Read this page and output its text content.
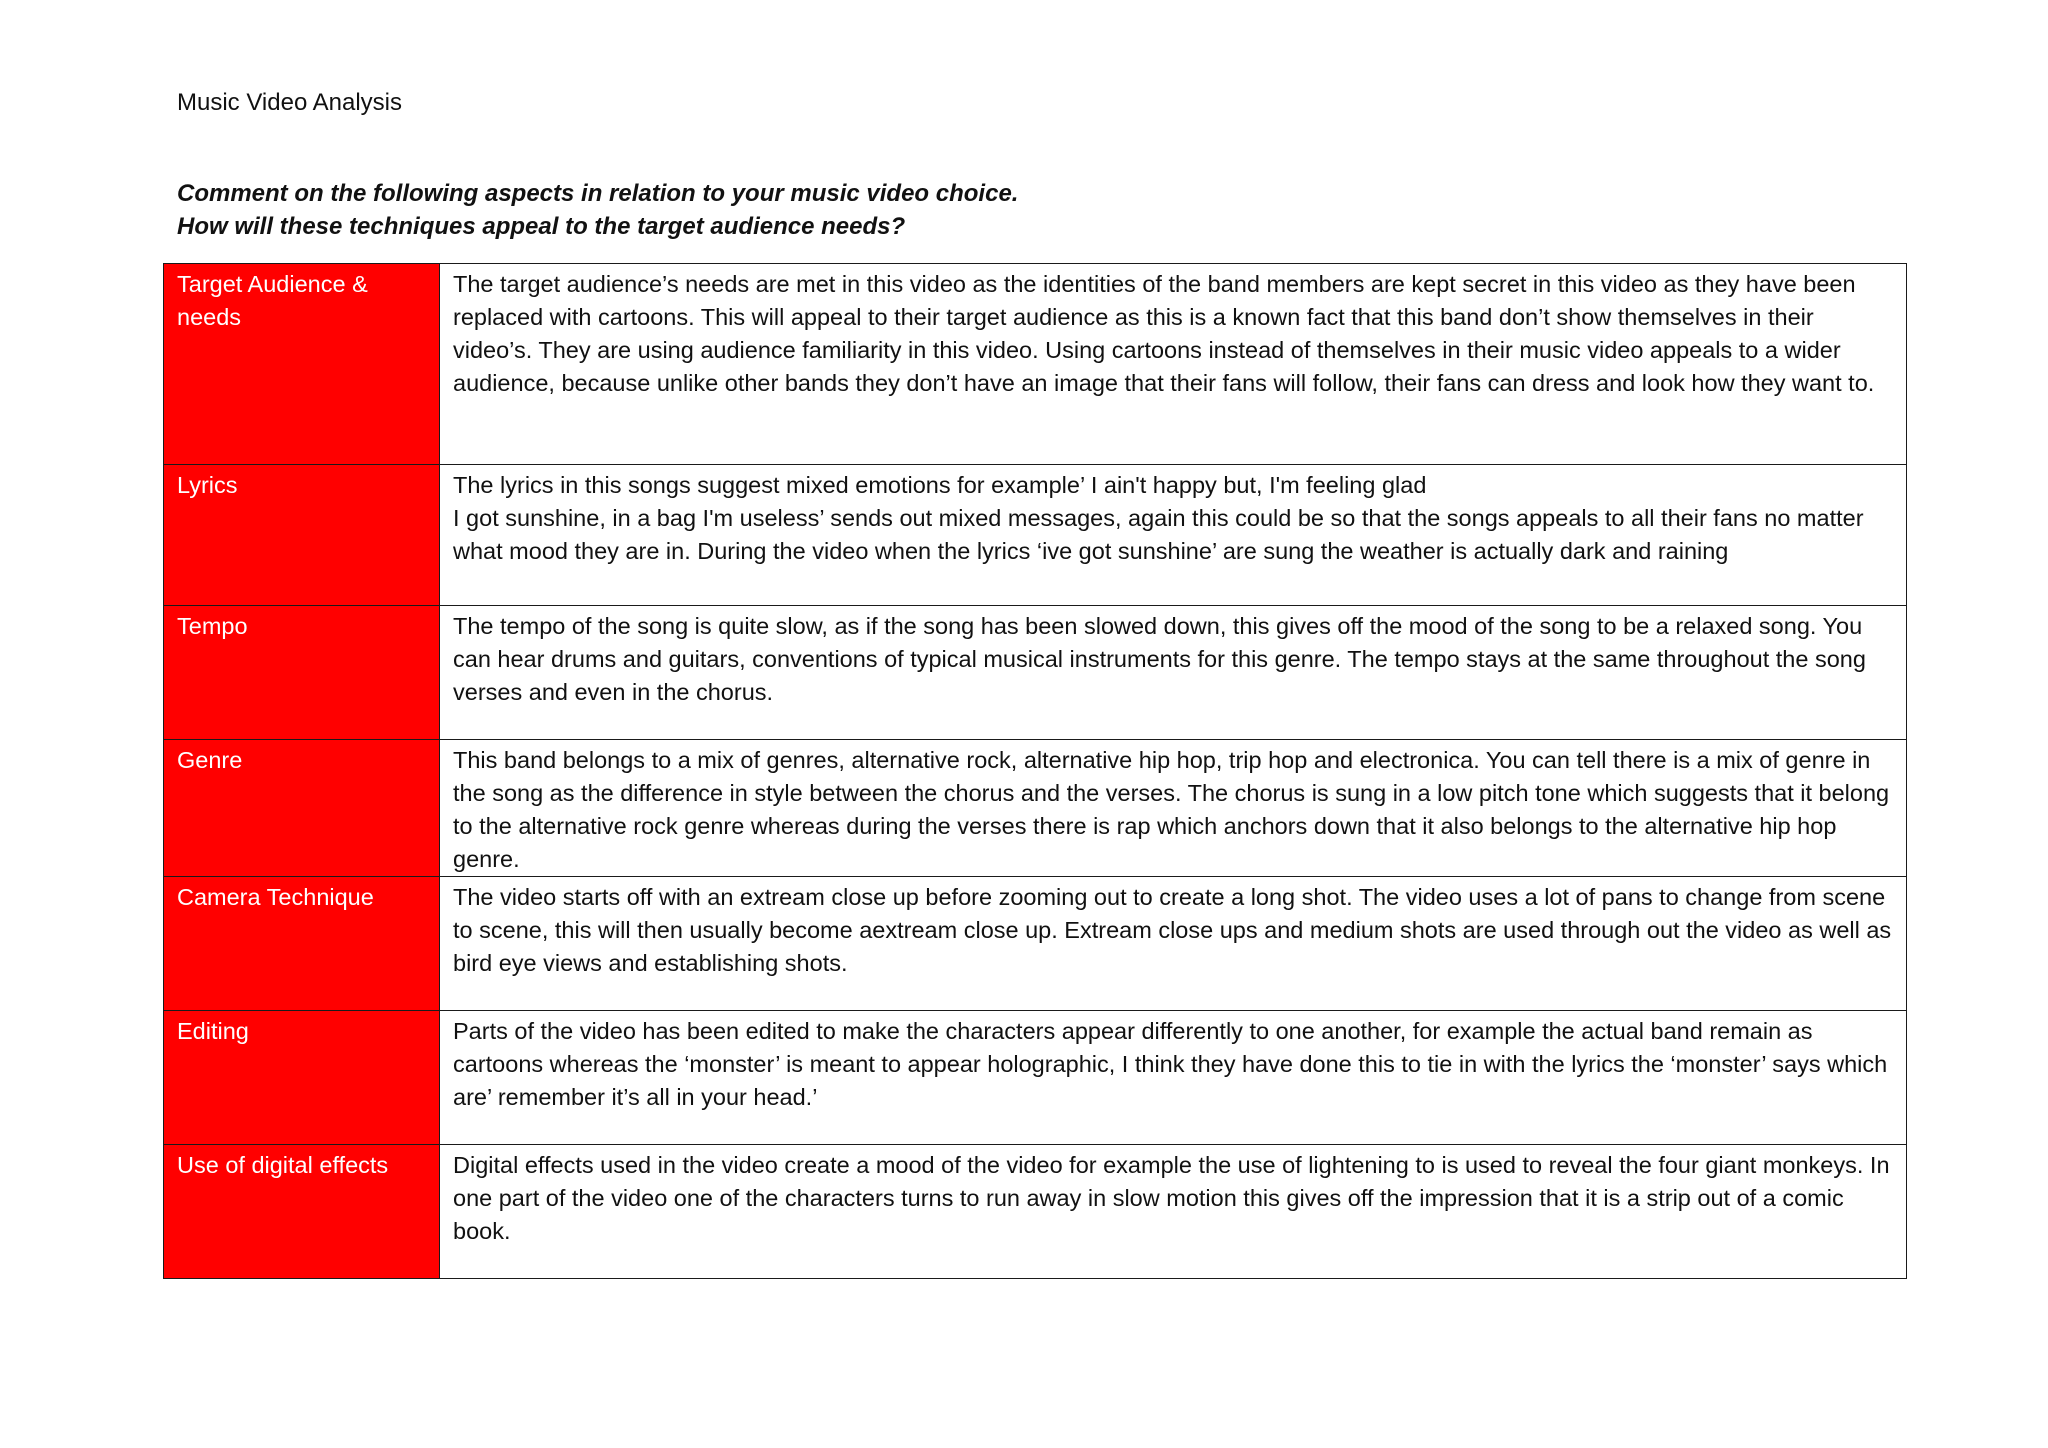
Music Video Analysis
Comment on the following aspects in relation to your music video choice.
How will these techniques appeal to the target audience needs?
Target Audience & needs	The target audience’s needs are met in this video as the identities of the band members are kept secret in this video as they have been replaced with cartoons. This will appeal to their target audience as this is a known fact that this band don’t show themselves in their video’s. They are using audience familiarity in this video. Using cartoons instead of themselves in their music video appeals to a wider audience, because unlike other bands they don’t have an image that their fans will follow, their fans can dress and look how they want to.
Lyrics	The lyrics in this songs suggest mixed emotions for example’ I ain't happy but, I'm feeling glad
I got sunshine, in a bag I'm useless’ sends out mixed messages, again this could be so that the songs appeals to all their fans no matter what mood they are in. During the video when the lyrics ‘ive got sunshine’ are sung the weather is actually dark and raining
Tempo	The tempo of the song is quite slow, as if the song has been slowed down, this gives off the mood of the song to be a relaxed song. You can hear drums and guitars, conventions of typical musical instruments for this genre. The tempo stays at the same throughout the song verses and even in the chorus.
Genre	This band belongs to a mix of genres, alternative rock, alternative hip hop, trip hop and electronica. You can tell there is a mix of genre in the song as the difference in style between the chorus and the verses. The chorus is sung in a low pitch tone which suggests that it belong to the alternative rock genre whereas during the verses there is rap which anchors down that it also belongs to the alternative hip hop genre.
Camera Technique	The video starts off with an extream close up before zooming out to create a long shot. The video uses a lot of pans to change from scene to scene, this will then usually become aextream close up. Extream close ups and medium shots are used through out the video as well as bird eye views and establishing shots.
Editing	Parts of the video has been edited to make the characters appear differently to one another, for example the actual band remain as cartoons whereas the ‘monster’ is meant to appear holographic, I think they have done this to tie in with the lyrics the ‘monster’ says which are’ remember it’s all in your head.’
Use of digital effects	Digital effects used in the video create a mood of the video for example the use of lightening to is used to reveal the four giant monkeys. In one part of the video one of the characters turns to run away in slow motion this gives off the impression that it is a strip out of a comic book.
